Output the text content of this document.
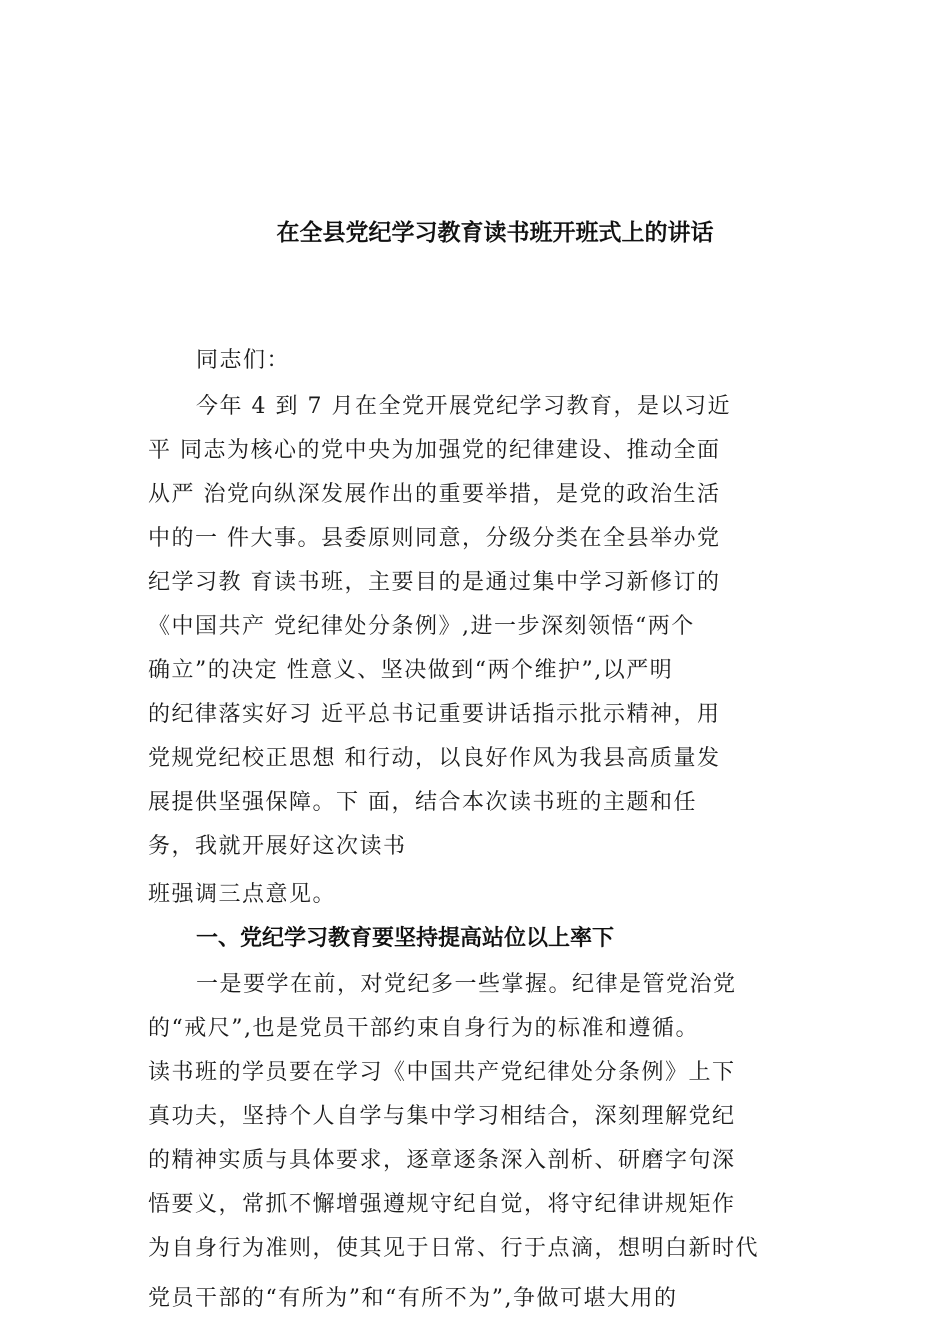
在全县党纪学习教育读书班开班式上的讲话
同志们：
今年 4 到 7 月在全党开展党纪学习教育，是以习近
平 同志为核心的党中央为加强党的纪律建设、推动全面
从严 治党向纵深发展作出的重要举措，是党的政治生活
中的一 件大事。县委原则同意，分级分类在全县举办党
纪学习教 育读书班，主要目的是通过集中学习新修订的
《中国共产 党纪律处分条例》,进一步深刻领悟“两个
确立”的决定 性意义、坚决做到“两个维护”,以严明
的纪律落实好习 近平总书记重要讲话指示批示精神，用
党规党纪校正思想 和行动，以良好作风为我县高质量发
展提供坚强保障。下 面，结合本次读书班的主题和任
务，我就开展好这次读书
班强调三点意见。
一、党纪学习教育要坚持提高站位以上率下
一是要学在前，对党纪多一些掌握。纪律是管党治党
的“戒尺”,也是党员干部约束自身行为的标准和遵循。
读书班的学员要在学习《中国共产党纪律处分条例》上下
真功夫，坚持个人自学与集中学习相结合，深刻理解党纪
的精神实质与具体要求，逐章逐条深入剖析、研磨字句深
悟要义，常抓不懈增强遵规守纪自觉，将守纪律讲规矩作
为自身行为准则，使其见于日常、行于点滴，想明白新时代
党员干部的“有所为”和“有所不为”,争做可堪大用的
